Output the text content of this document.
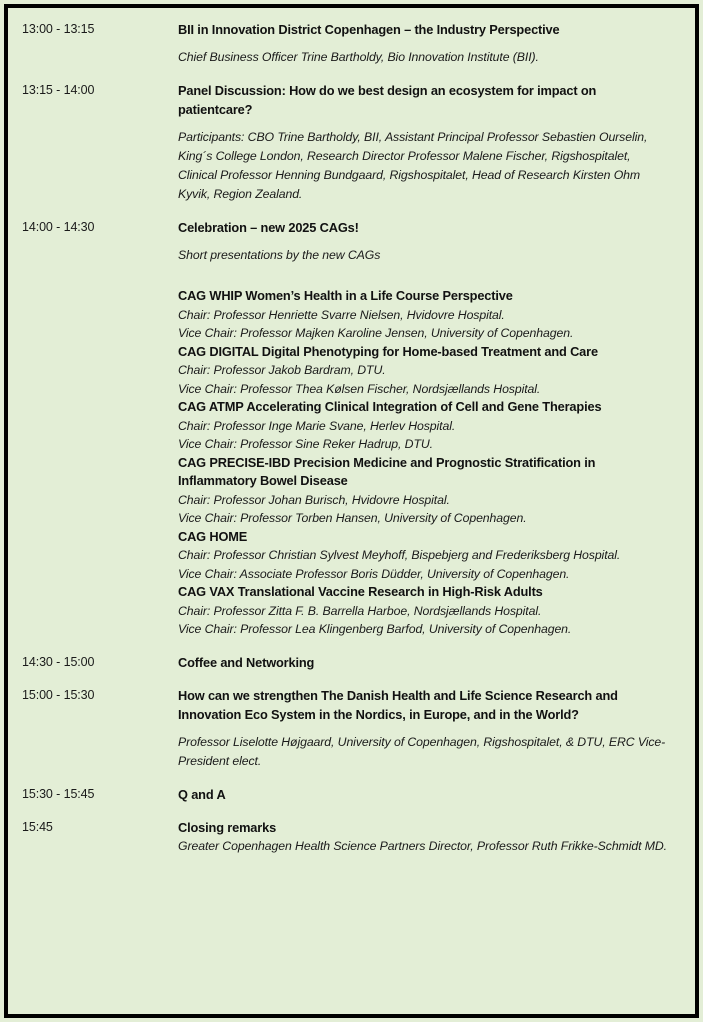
13:00 - 13:15	BII in Innovation District Copenhagen – the Industry Perspective
Chief Business Officer Trine Bartholdy, Bio Innovation Institute (BII).
13:15 - 14:00	Panel Discussion: How do we best design an ecosystem for impact on patientcare?
Participants: CBO Trine Bartholdy, BII, Assistant Principal Professor Sebastien Ourselin, King´s College London, Research Director Professor Malene Fischer, Rigshospitalet, Clinical Professor Henning Bundgaard, Rigshospitalet, Head of Research Kirsten Ohm Kyvik, Region Zealand.
14:00 - 14:30	Celebration – new 2025 CAGs!
Short presentations by the new CAGs
CAG WHIP Women’s Health in a Life Course Perspective
Chair: Professor Henriette Svarre Nielsen, Hvidovre Hospital.
Vice Chair: Professor Majken Karoline Jensen, University of Copenhagen.
CAG DIGITAL Digital Phenotyping for Home-based Treatment and Care
Chair: Professor Jakob Bardram, DTU.
Vice Chair: Professor Thea Kølsen Fischer, Nordsjællands Hospital.
CAG ATMP Accelerating Clinical Integration of Cell and Gene Therapies
Chair: Professor Inge Marie Svane, Herlev Hospital.
Vice Chair: Professor Sine Reker Hadrup, DTU.
CAG PRECISE-IBD Precision Medicine and Prognostic Stratification in Inflammatory Bowel Disease
Chair: Professor Johan Burisch, Hvidovre Hospital.
Vice Chair: Professor Torben Hansen, University of Copenhagen.
CAG HOME
Chair: Professor Christian Sylvest Meyhoff, Bispebjerg and Frederiksberg Hospital.
Vice Chair: Associate Professor Boris Düdder, University of Copenhagen.
CAG VAX Translational Vaccine Research in High-Risk Adults
Chair: Professor Zitta F. B. Barrella Harboe, Nordsjællands Hospital.
Vice Chair: Professor Lea Klingenberg Barfod, University of Copenhagen.
14:30 - 15:00	Coffee and Networking
15:00 - 15:30	How can we strengthen The Danish Health and Life Science Research and Innovation Eco System in the Nordics, in Europe, and in the World?
Professor Liselotte Højgaard, University of Copenhagen, Rigshospitalet, & DTU, ERC Vice-President elect.
15:30 - 15:45	Q and A
15:45	Closing remarks
Greater Copenhagen Health Science Partners Director, Professor Ruth Frikke-Schmidt MD.
